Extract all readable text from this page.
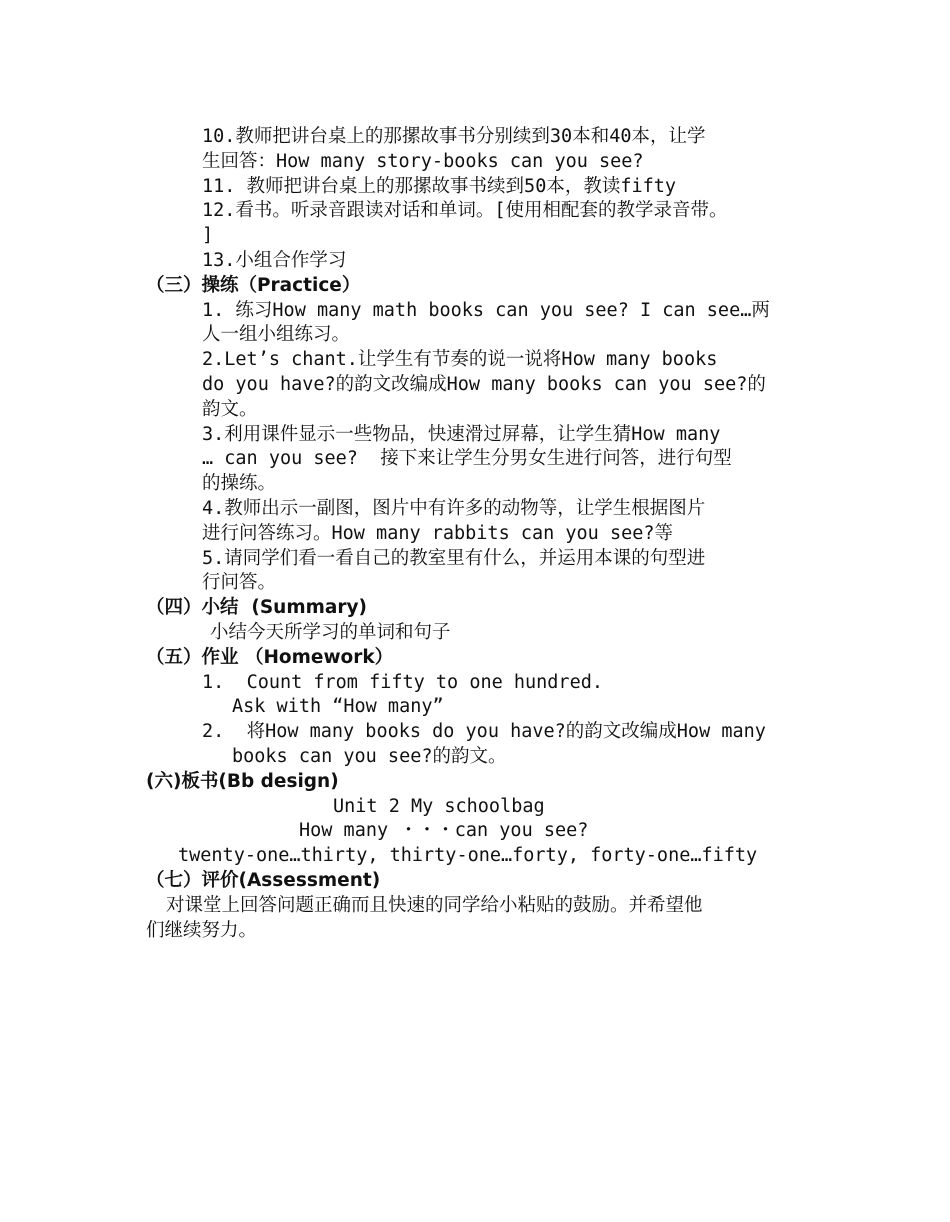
10.教师把讲台桌上的那摞故事书分别续到30本和40本，让学
生回答：How many story-books can you see?
11. 教师把讲台桌上的那摞故事书续到50本，教读fifty
12.看书。听录音跟读对话和单词。[使用相配套的教学录音带。
]
13.小组合作学习
（三）操练（Practice）
1. 练习How many math books can you see? I can see…两
人一组小组练习。
2.Let’s chant.让学生有节奏的说一说将How many books
do you have?的韵文改编成How many books can you see?的
韵文。
3.利用课件显示一些物品，快速滑过屏幕，让学生猜How many
… can you see?  接下来让学生分男女生进行问答，进行句型
的操练。
4.教师出示一副图，图片中有许多的动物等，让学生根据图片
进行问答练习。How many rabbits can you see?等
5.请同学们看一看自己的教室里有什么，并运用本课的句型进
行问答。
（四）小结  (Summary)
小结今天所学习的单词和句子
（五）作业 （Homework）
1. Count from fifty to one hundred.
Ask with “How many”
2. 将How many books do you have?的韵文改编成How many
books can you see?的韵文。
(六)板书(Bb design)
Unit 2 My schoolbag
How many ・・・can you see?
twenty-one…thirty, thirty-one…forty, forty-one…fifty
（七）评价(Assessment)
对课堂上回答问题正确而且快速的同学给小粘贴的鼓励。并希望他
们继续努力。
